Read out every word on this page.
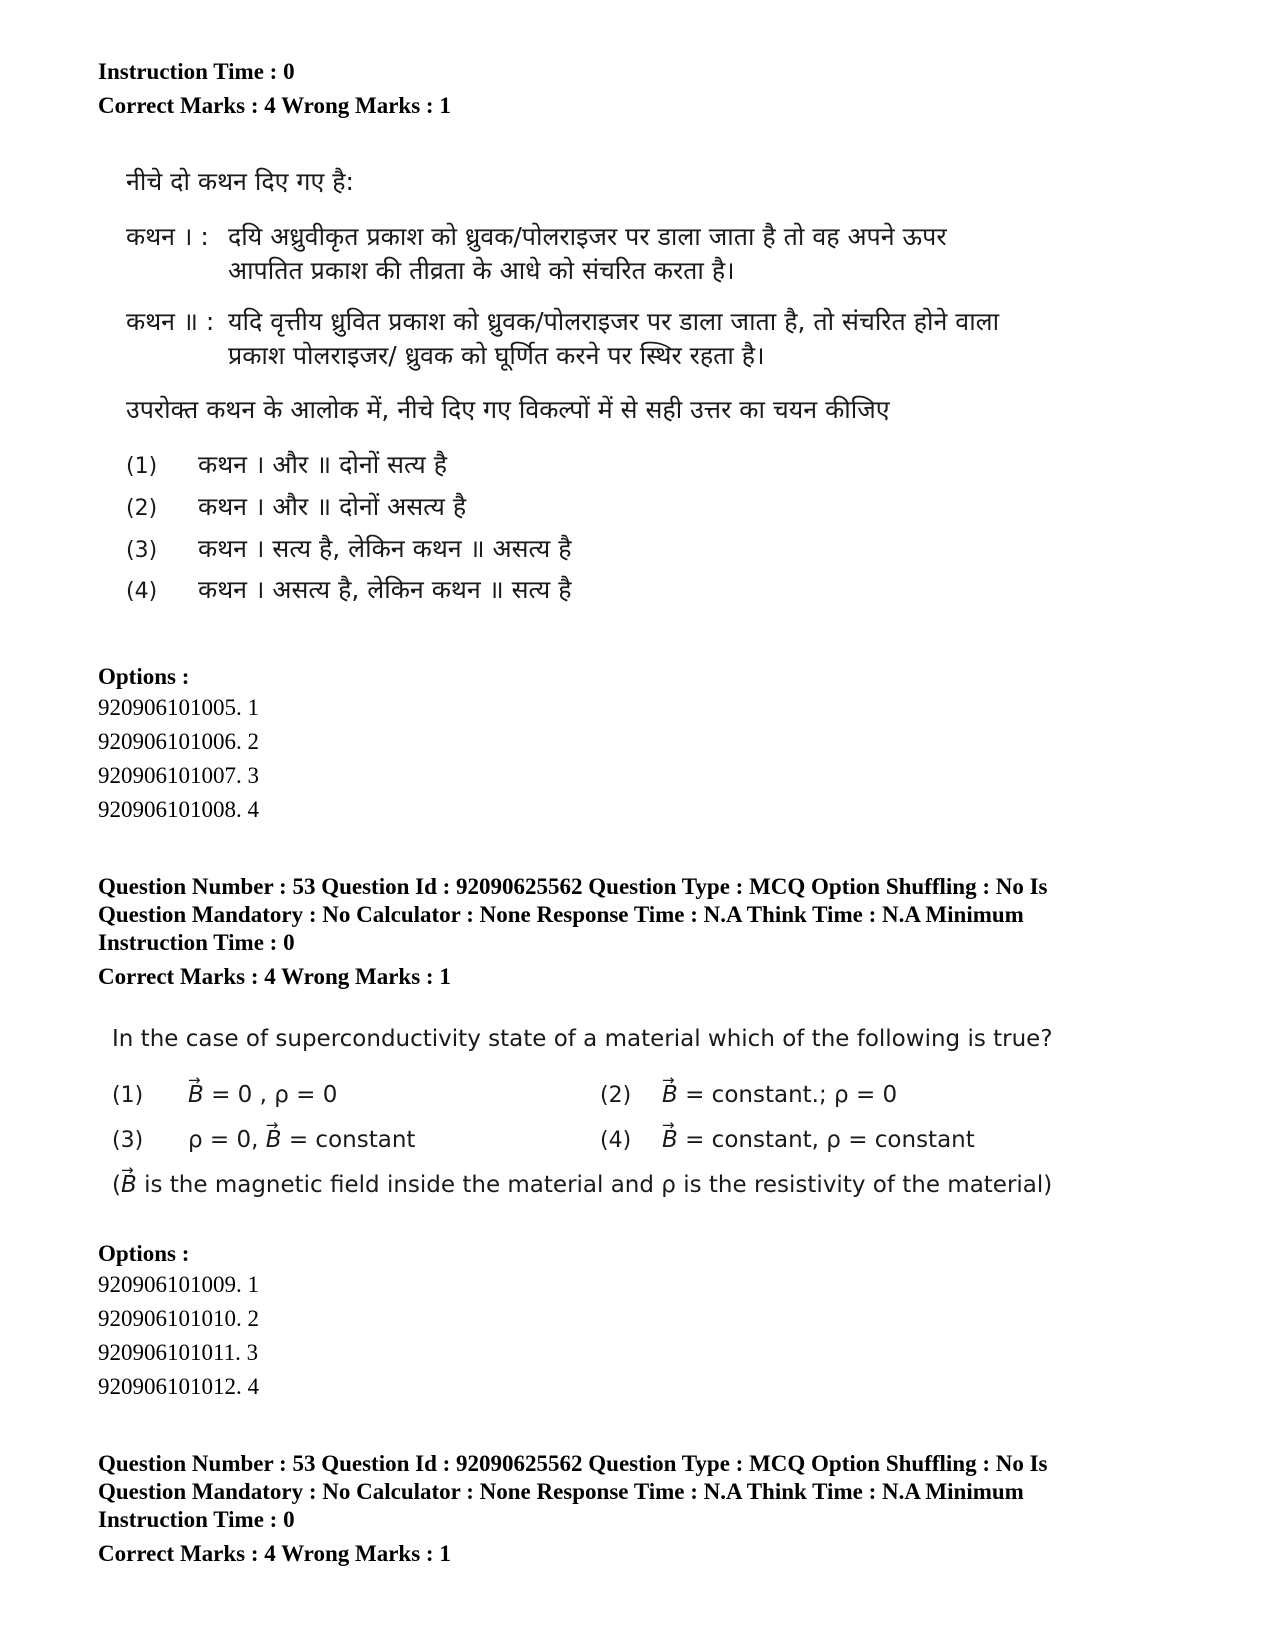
Instruction Time : 0
Correct Marks : 4 Wrong Marks : 1
नीचे दो कथन दिए गए है:
कथन । : दयि अध्रुवीकृत प्रकाश को ध्रुवक/पोलराइजर पर डाला जाता है तो वह अपने ऊपर
आपतित प्रकाश की तीव्रता के आधे को संचरित करता है।
कथन ॥ : यदि वृत्तीय ध्रुवित प्रकाश को ध्रुवक/पोलराइजर पर डाला जाता है, तो संचरित होने वाला
प्रकाश पोलराइजर/ ध्रुवक को घूर्णित करने पर स्थिर रहता है।
उपरोक्त कथन के आलोक में, नीचे दिए गए विकल्पों में से सही उत्तर का चयन कीजिए
(1) कथन । और ॥ दोनों सत्य है
(2) कथन । और ॥ दोनों असत्य है
(3) कथन । सत्य है, लेकिन कथन ॥ असत्य है
(4) कथन । असत्य है, लेकिन कथन ॥ सत्य है
Options :
920906101005. 1
920906101006. 2
920906101007. 3
920906101008. 4
Question Number : 53 Question Id : 92090625562 Question Type : MCQ Option Shuffling : No Is
Question Mandatory : No Calculator : None Response Time : N.A Think Time : N.A Minimum
Instruction Time : 0
Correct Marks : 4 Wrong Marks : 1
In the case of superconductivity state of a material which of the following is true?
(1) → B = 0 , ρ = 0	(2) → B = constant.; ρ = 0
(3) ρ = 0, → B = constant	(4) → B = constant, ρ = constant
(→ B is the magnetic field inside the material and ρ is the resistivity of the material)
Options :
920906101009. 1
920906101010. 2
920906101011. 3
920906101012. 4
Question Number : 53 Question Id : 92090625562 Question Type : MCQ Option Shuffling : No Is
Question Mandatory : No Calculator : None Response Time : N.A Think Time : N.A Minimum
Instruction Time : 0
Correct Marks : 4 Wrong Marks : 1
